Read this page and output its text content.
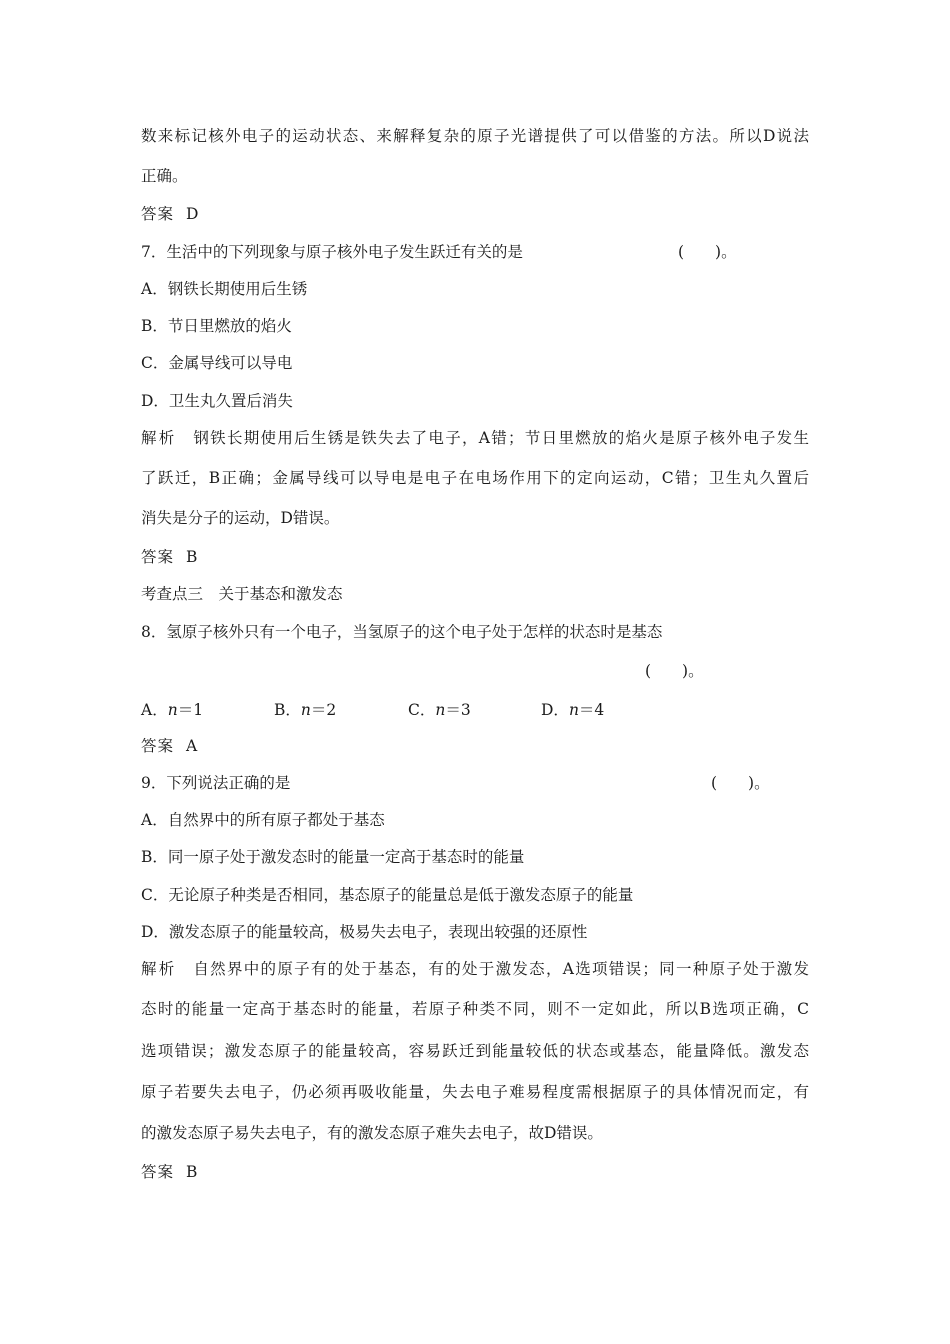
数来标记核外电子的运动状态、来解释复杂的原子光谱提供了可以借鉴的方法。所以D说法
正确。
答案 D
7．生活中的下列现象与原子核外电子发生跃迁有关的是	(　　)。
A．钢铁长期使用后生锈
B．节日里燃放的焰火
C．金属导线可以导电
D．卫生丸久置后消失
解析　 钢铁长期使用后生锈是铁失去了电子，A错；节日里燃放的焰火是原子核外电子发生
了跃迁，B正确；金属导线可以导电是电子在电场作用下的定向运动，C错；卫生丸久置后
消失是分子的运动，D错误。
答案 B
考查点三　关于基态和激发态
8．氢原子核外只有一个电子，当氢原子的这个电子处于怎样的状态时是基态
(　　)。
A．n＝1	B．n＝2	C．n＝3	D．n＝4
答案 A
9．下列说法正确的是	(　　)。
A．自然界中的所有原子都处于基态
B．同一原子处于激发态时的能量一定高于基态时的能量
C．无论原子种类是否相同，基态原子的能量总是低于激发态原子的能量
D．激发态原子的能量较高，极易失去电子，表现出较强的还原性
解析　 自然界中的原子有的处于基态，有的处于激发态，A选项错误；同一种原子处于激发
态时的能量一定高于基态时的能量，若原子种类不同，则不一定如此，所以B选项正确，C
选项错误；激发态原子的能量较高，容易跃迁到能量较低的状态或基态，能量降低。激发态
原子若要失去电子，仍必须再吸收能量，失去电子难易程度需根据原子的具体情况而定，有
的激发态原子易失去电子，有的激发态原子难失去电子，故D错误。
答案 B
